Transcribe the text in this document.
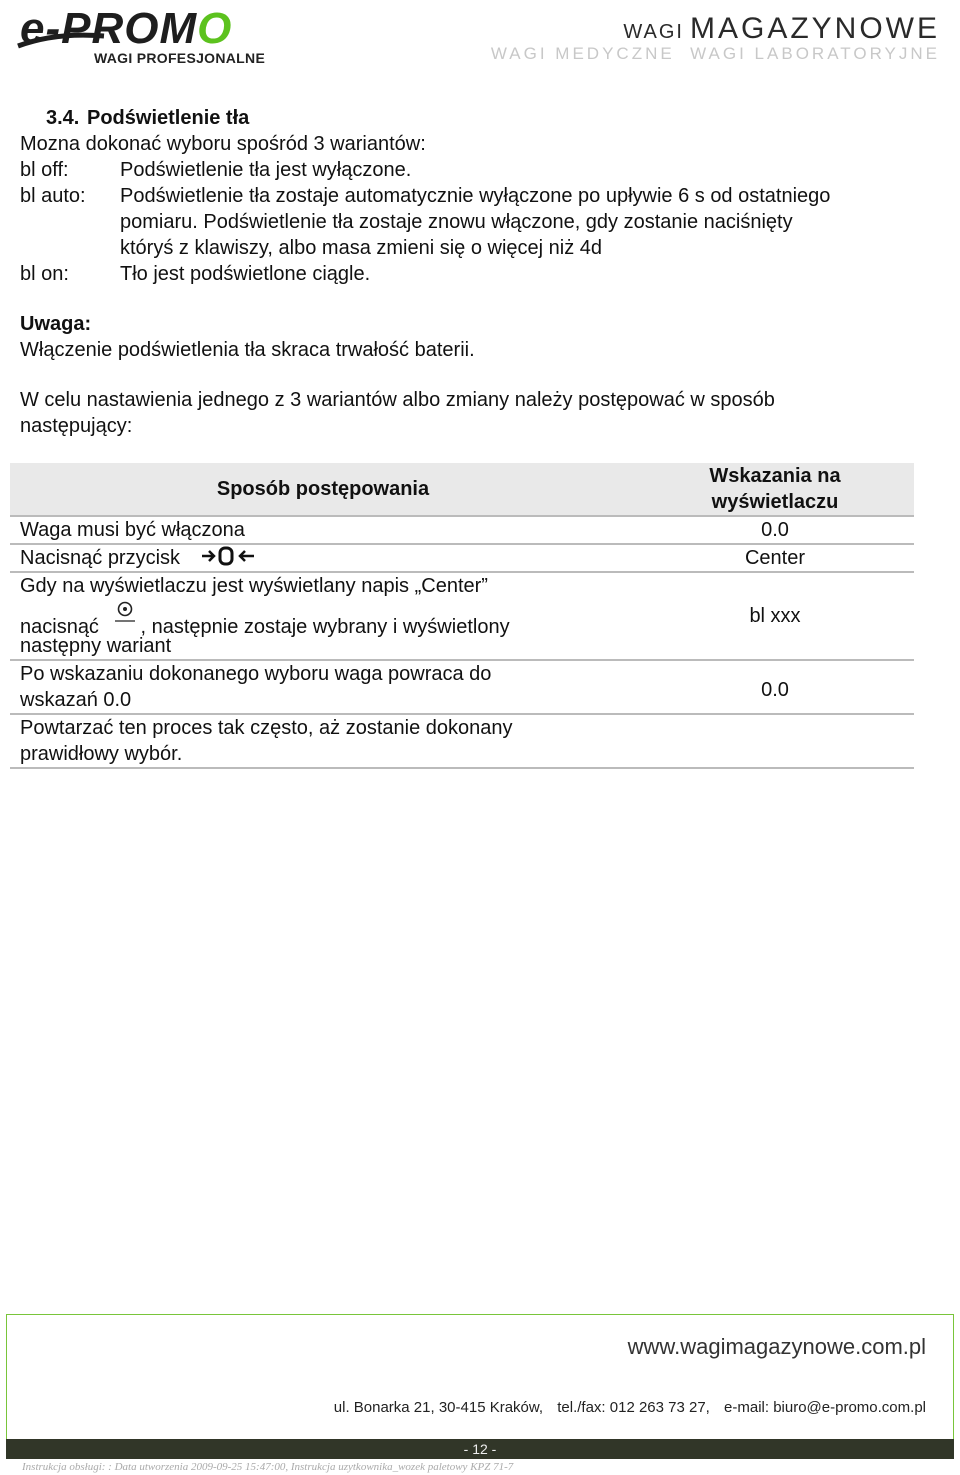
e-PROMO
WAGI PROFESJONALNE
WAGI MAGAZYNOWE
WAGI MEDYCZNE  WAGI LABORATORYJNE
3.4. Podświetlenie tła
Mozna dokonać wyboru spośród 3 wariantów:
bl off:	Podświetlenie tła jest wyłączone.
bl auto: Podświetlenie tła zostaje automatycznie wyłączone po upływie 6 s od ostatniego
pomiaru. Podświetlenie tła zostaje znowu włączone, gdy zostanie naciśnięty
któryś z klawiszy, albo masa zmieni się o więcej niż 4d
bl on:	Tło jest podświetlone ciągle.
Uwaga:
Włączenie podświetlenia tła skraca trwałość baterii.
W celu nastawienia jednego z 3 wariantów albo zmiany należy postępować w sposób
następujący:
Sposób postępowania	Wskazania na
wyświetlaczu
Waga musi być włączona	0.0
Nacisnąć przycisk	Center

Gdy na wyświetlaczu jest wyświetlany napis „Center”
nacisnąć , następnie zostaje wybrany i wyświetlony
następny wariant	bl xxx

Po wskazaniu dokonanego wyboru waga powraca do
wskazań 0.0	0.0

Powtarzać ten proces tak często, aż zostanie dokonany
prawidłowy wybór.	

www.wagimagazynowe.com.pl
ul. Bonarka 21, 30-415 Kraków, tel./fax: 012 263 73 27, e-mail: biuro@e-promo.com.pl
- 12 -
Instrukcja obsługi: : Data utworzenia 2009-09-25 15:47:00, Instrukcja uzytkownika_wozek paletowy KPZ 71-7
